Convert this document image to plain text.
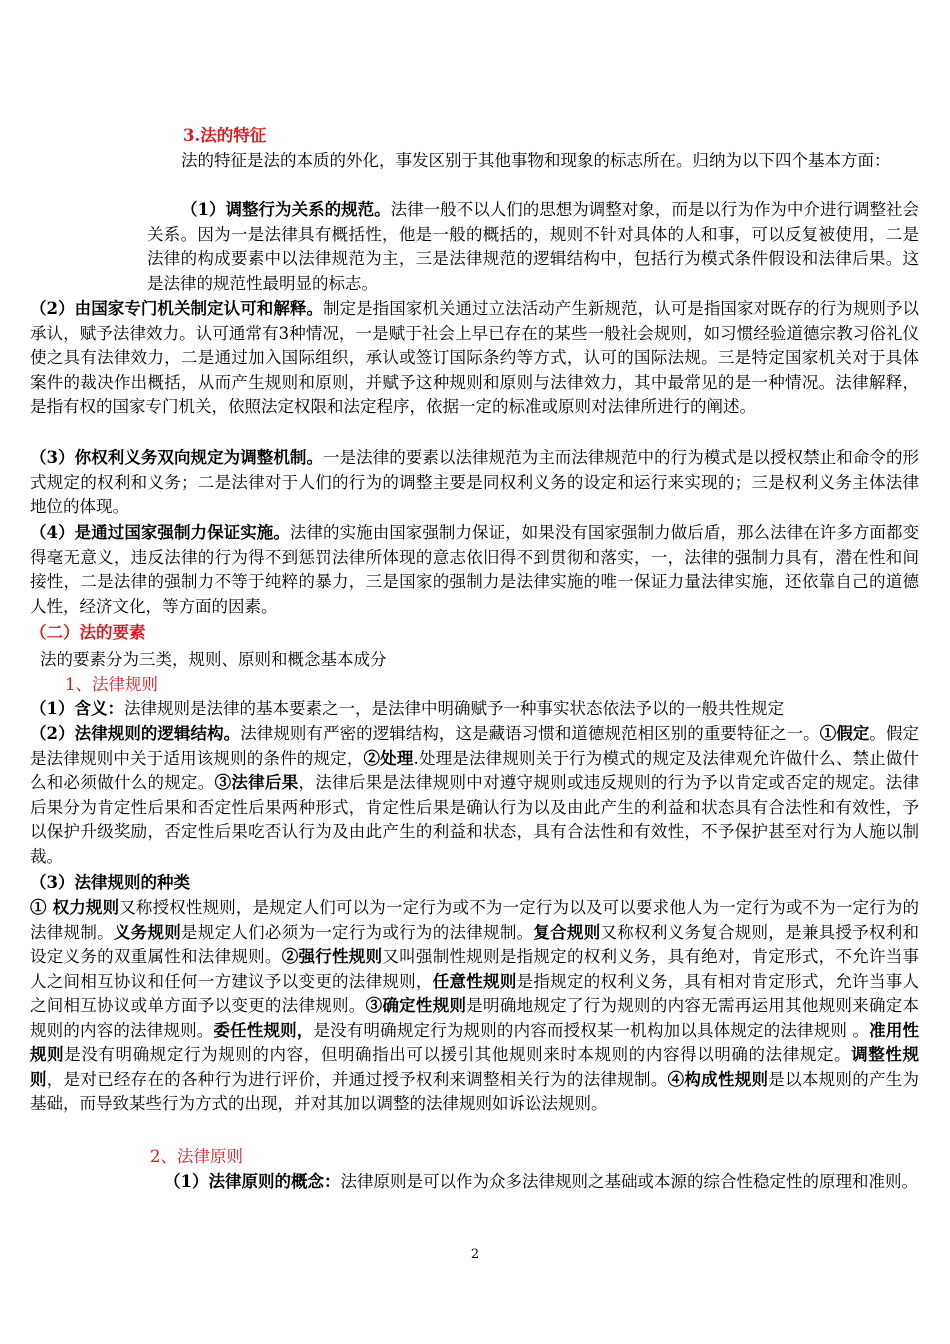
3.法的特征

法的特征是法的本质的外化，事发区别于其他事物和现象的标志所在。归纳为以下四个基本方面：

（1）调整行为关系的规范。法律一般不以人们的思想为调整对象，而是以行为作为中介进行调整社会关系。因为一是法律具有概括性，他是一般的概括的，规则不针对具体的人和事，可以反复被使用，二是法律的构成要素中以法律规范为主，三是法律规范的逻辑结构中，包括行为模式条件假设和法律后果。这是法律的规范性最明显的标志。

（2）由国家专门机关制定认可和解释。制定是指国家机关通过立法活动产生新规范，认可是指国家对既存的行为规则予以承认，赋予法律效力。认可通常有3种情况，一是赋于社会上早已存在的某些一般社会规则，如习惯经验道德宗教习俗礼仪使之具有法律效力，二是通过加入国际组织，承认或签订国际条约等方式，认可的国际法规。三是特定国家机关对于具体案件的裁决作出概括，从而产生规则和原则，并赋予这种规则和原则与法律效力，其中最常见的是一种情况。法律解释，是指有权的国家专门机关，依照法定权限和法定程序，依据一定的标准或原则对法律所进行的阐述。

（3）你权利义务双向规定为调整机制。一是法律的要素以法律规范为主而法律规范中的行为模式是以授权禁止和命令的形式规定的权利和义务；二是法律对于人们的行为的调整主要是同权利义务的设定和运行来实现的；三是权利义务主体法律地位的体现。

（4）是通过国家强制力保证实施。法律的实施由国家强制力保证，如果没有国家强制力做后盾，那么法律在许多方面都变得毫无意义，违反法律的行为得不到惩罚法律所体现的意志依旧得不到贯彻和落实，一，法律的强制力具有，潜在性和间接性，二是法律的强制力不等于纯粹的暴力，三是国家的强制力是法律实施的唯一保证力量法律实施，还依靠自己的道德人性，经济文化，等方面的因素。

（二）法的要素

法的要素分为三类，规则、原则和概念基本成分

1、法律规则

（1）含义：法律规则是法律的基本要素之一，是法律中明确赋予一种事实状态依法予以的一般共性规定

（2）法律规则的逻辑结构。法律规则有严密的逻辑结构，这是藏语习惯和道德规范相区别的重要特征之一。①假定。假定是法律规则中关于适用该规则的条件的规定，②处理.处理是法律规则关于行为模式的规定及法律观允许做什么、禁止做什么和必须做什么的规定。③法律后果，法律后果是法律规则中对遵守规则或违反规则的行为予以肯定或否定的规定。法律后果分为肯定性后果和否定性后果两种形式，肯定性后果是确认行为以及由此产生的利益和状态具有合法性和有效性，予以保护升级奖励，否定性后果吃否认行为及由此产生的利益和状态，具有合法性和有效性，不予保护甚至对行为人施以制裁。

（3）法律规则的种类

① 权力规则又称授权性规则，是规定人们可以为一定行为或不为一定行为以及可以要求他人为一定行为或不为一定行为的法律规制。义务规则是规定人们必须为一定行为或行为的法律规制。复合规则又称权利义务复合规则，是兼具授予权利和设定义务的双重属性和法律规则。②强行性规则又叫强制性规则是指规定的权利义务，具有绝对，肯定形式，不允许当事人之间相互协议和任何一方建议予以变更的法律规则，任意性规则是指规定的权利义务，具有相对肯定形式，允许当事人之间相互协议或单方面予以变更的法律规则。③确定性规则是明确地规定了行为规则的内容无需再运用其他规则来确定本规则的内容的法律规则。委任性规则，是没有明确规定行为规则的内容而授权某一机构加以具体规定的法律规则 。准用性规则是没有明确规定行为规则的内容，但明确指出可以援引其他规则来时本规则的内容得以明确的法律规定。调整性规则，是对已经存在的各种行为进行评价，并通过授予权利来调整相关行为的法律规制。④构成性规则是以本规则的产生为基础，而导致某些行为方式的出现，并对其加以调整的法律规则如诉讼法规则。

2、法律原则

（1）法律原则的概念：法律原则是可以作为众多法律规则之基础或本源的综合性稳定性的原理和准则。

2
